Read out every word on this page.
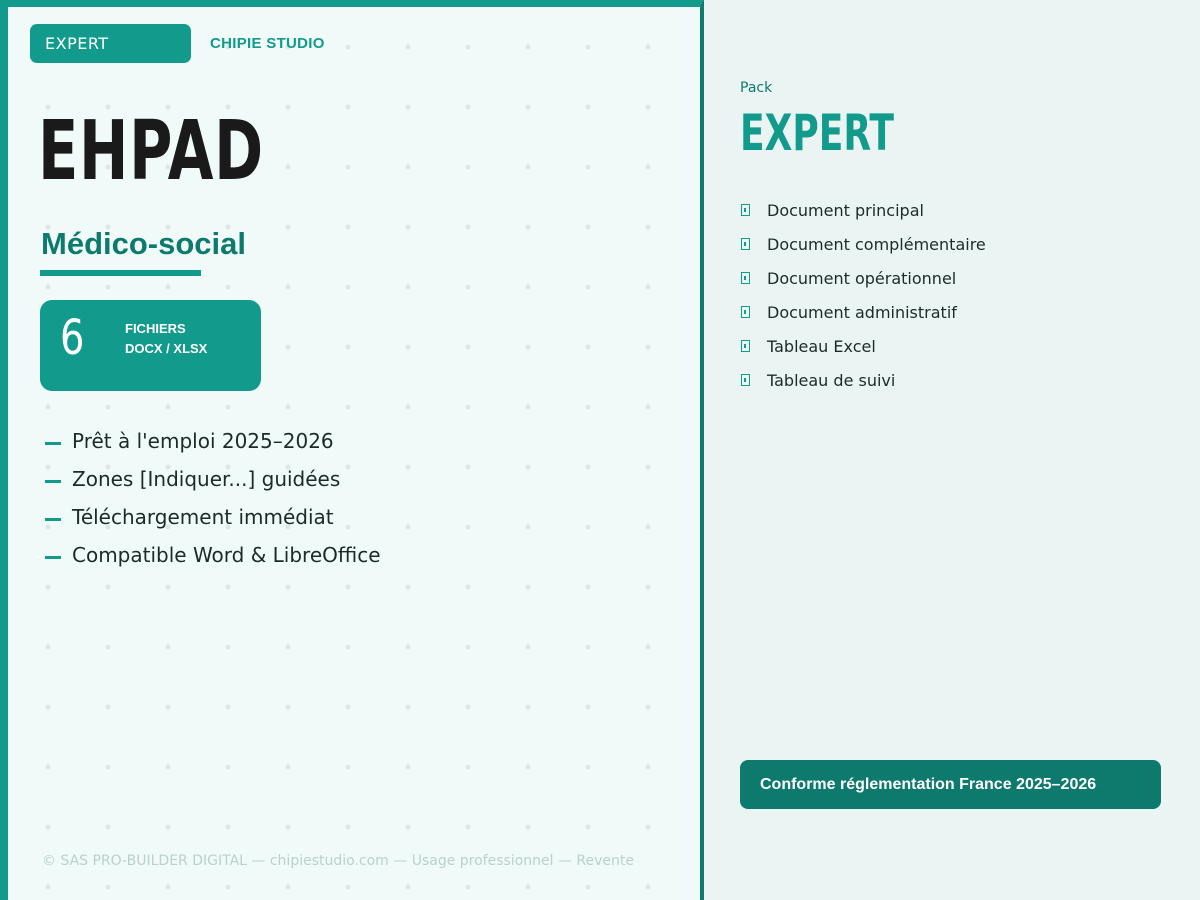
EXPERT	CHIPIE STUDIO
EHPAD
Médico-social
6	FICHIERS
DOCX / XLSX
Prêt à l'emploi 2025–2026
Zones [Indiquer...] guidées
Téléchargement immédiat
Compatible Word & LibreOffice
© SAS PRO-BUILDER DIGITAL — chipiestudio.com — Usage professionnel — Revente
Pack
EXPERT
Document principal
Document complémentaire
Document opérationnel
Document administratif
Tableau Excel
Tableau de suivi
Conforme réglementation France 2025–2026
